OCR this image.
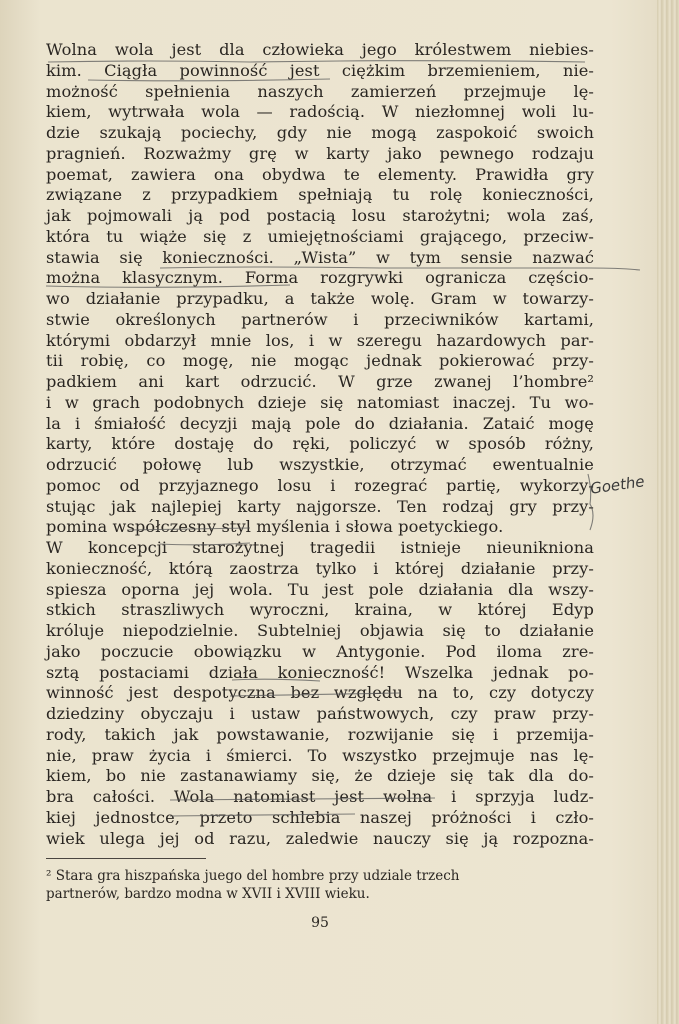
Wolna wola jest dla człowieka jego królestwem niebies-
kim. Ciągła powinność jest ciężkim brzemieniem, nie-
możność spełnienia naszych zamierzeń przejmuje lę-
kiem, wytrwała wola — radością. W niezłomnej woli lu-
dzie szukają pociechy, gdy nie mogą zaspokoić swoich
pragnień. Rozważmy grę w karty jako pewnego rodzaju
poemat, zawiera ona obydwa te elementy. Prawidła gry
związane z przypadkiem spełniają tu rolę konieczności,
jak pojmowali ją pod postacią losu starożytni; wola zaś,
która tu wiąże się z umiejętnościami grającego, przeciw-
stawia się konieczności. „Wista” w tym sensie nazwać
można klasycznym. Forma rozgrywki ogranicza częścio-
wo działanie przypadku, a także wolę. Gram w towarzy-
stwie określonych partnerów i przeciwników kartami,
którymi obdarzył mnie los, i w szeregu hazardowych par-
tii robię, co mogę, nie mogąc jednak pokierować przy-
padkiem ani kart odrzucić. W grze zwanej l’hombre²
i w grach podobnych dzieje się natomiast inaczej. Tu wo-
la i śmiałość decyzji mają pole do działania. Zataić mogę
karty, które dostaję do ręki, policzyć w sposób różny,
odrzucić połowę lub wszystkie, otrzymać ewentualnie
pomoc od przyjaznego losu i rozegrać partię, wykorzy-
stując jak najlepiej karty najgorsze. Ten rodzaj gry przy-
pomina współczesny styl myślenia i słowa poetyckiego.
W koncepcji starożytnej tragedii istnieje nieunikniona
konieczność, którą zaostrza tylko i której działanie przy-
spiesza oporna jej wola. Tu jest pole działania dla wszy-
stkich straszliwych wyroczni, kraina, w której Edyp
króluje niepodzielnie. Subtelniej objawia się to działanie
jako poczucie obowiązku w Antygonie. Pod iloma zre-
sztą postaciami działa konieczność! Wszelka jednak po-
winność jest despotyczna bez względu na to, czy dotyczy
dziedziny obyczaju i ustaw państwowych, czy praw przy-
rody, takich jak powstawanie, rozwijanie się i przemija-
nie, praw życia i śmierci. To wszystko przejmuje nas lę-
kiem, bo nie zastanawiamy się, że dzieje się tak dla do-
bra całości. Wola natomiast jest wolna i sprzyja ludz-
kiej jednostce, przeto schlebia naszej próżności i czło-
wiek ulega jej od razu, zaledwie nauczy się ją rozpozna-
Goethe
² Stara gra hiszpańska juego del hombre przy udziale trzech
partnerów, bardzo modna w XVII i XVIII wieku.
95
